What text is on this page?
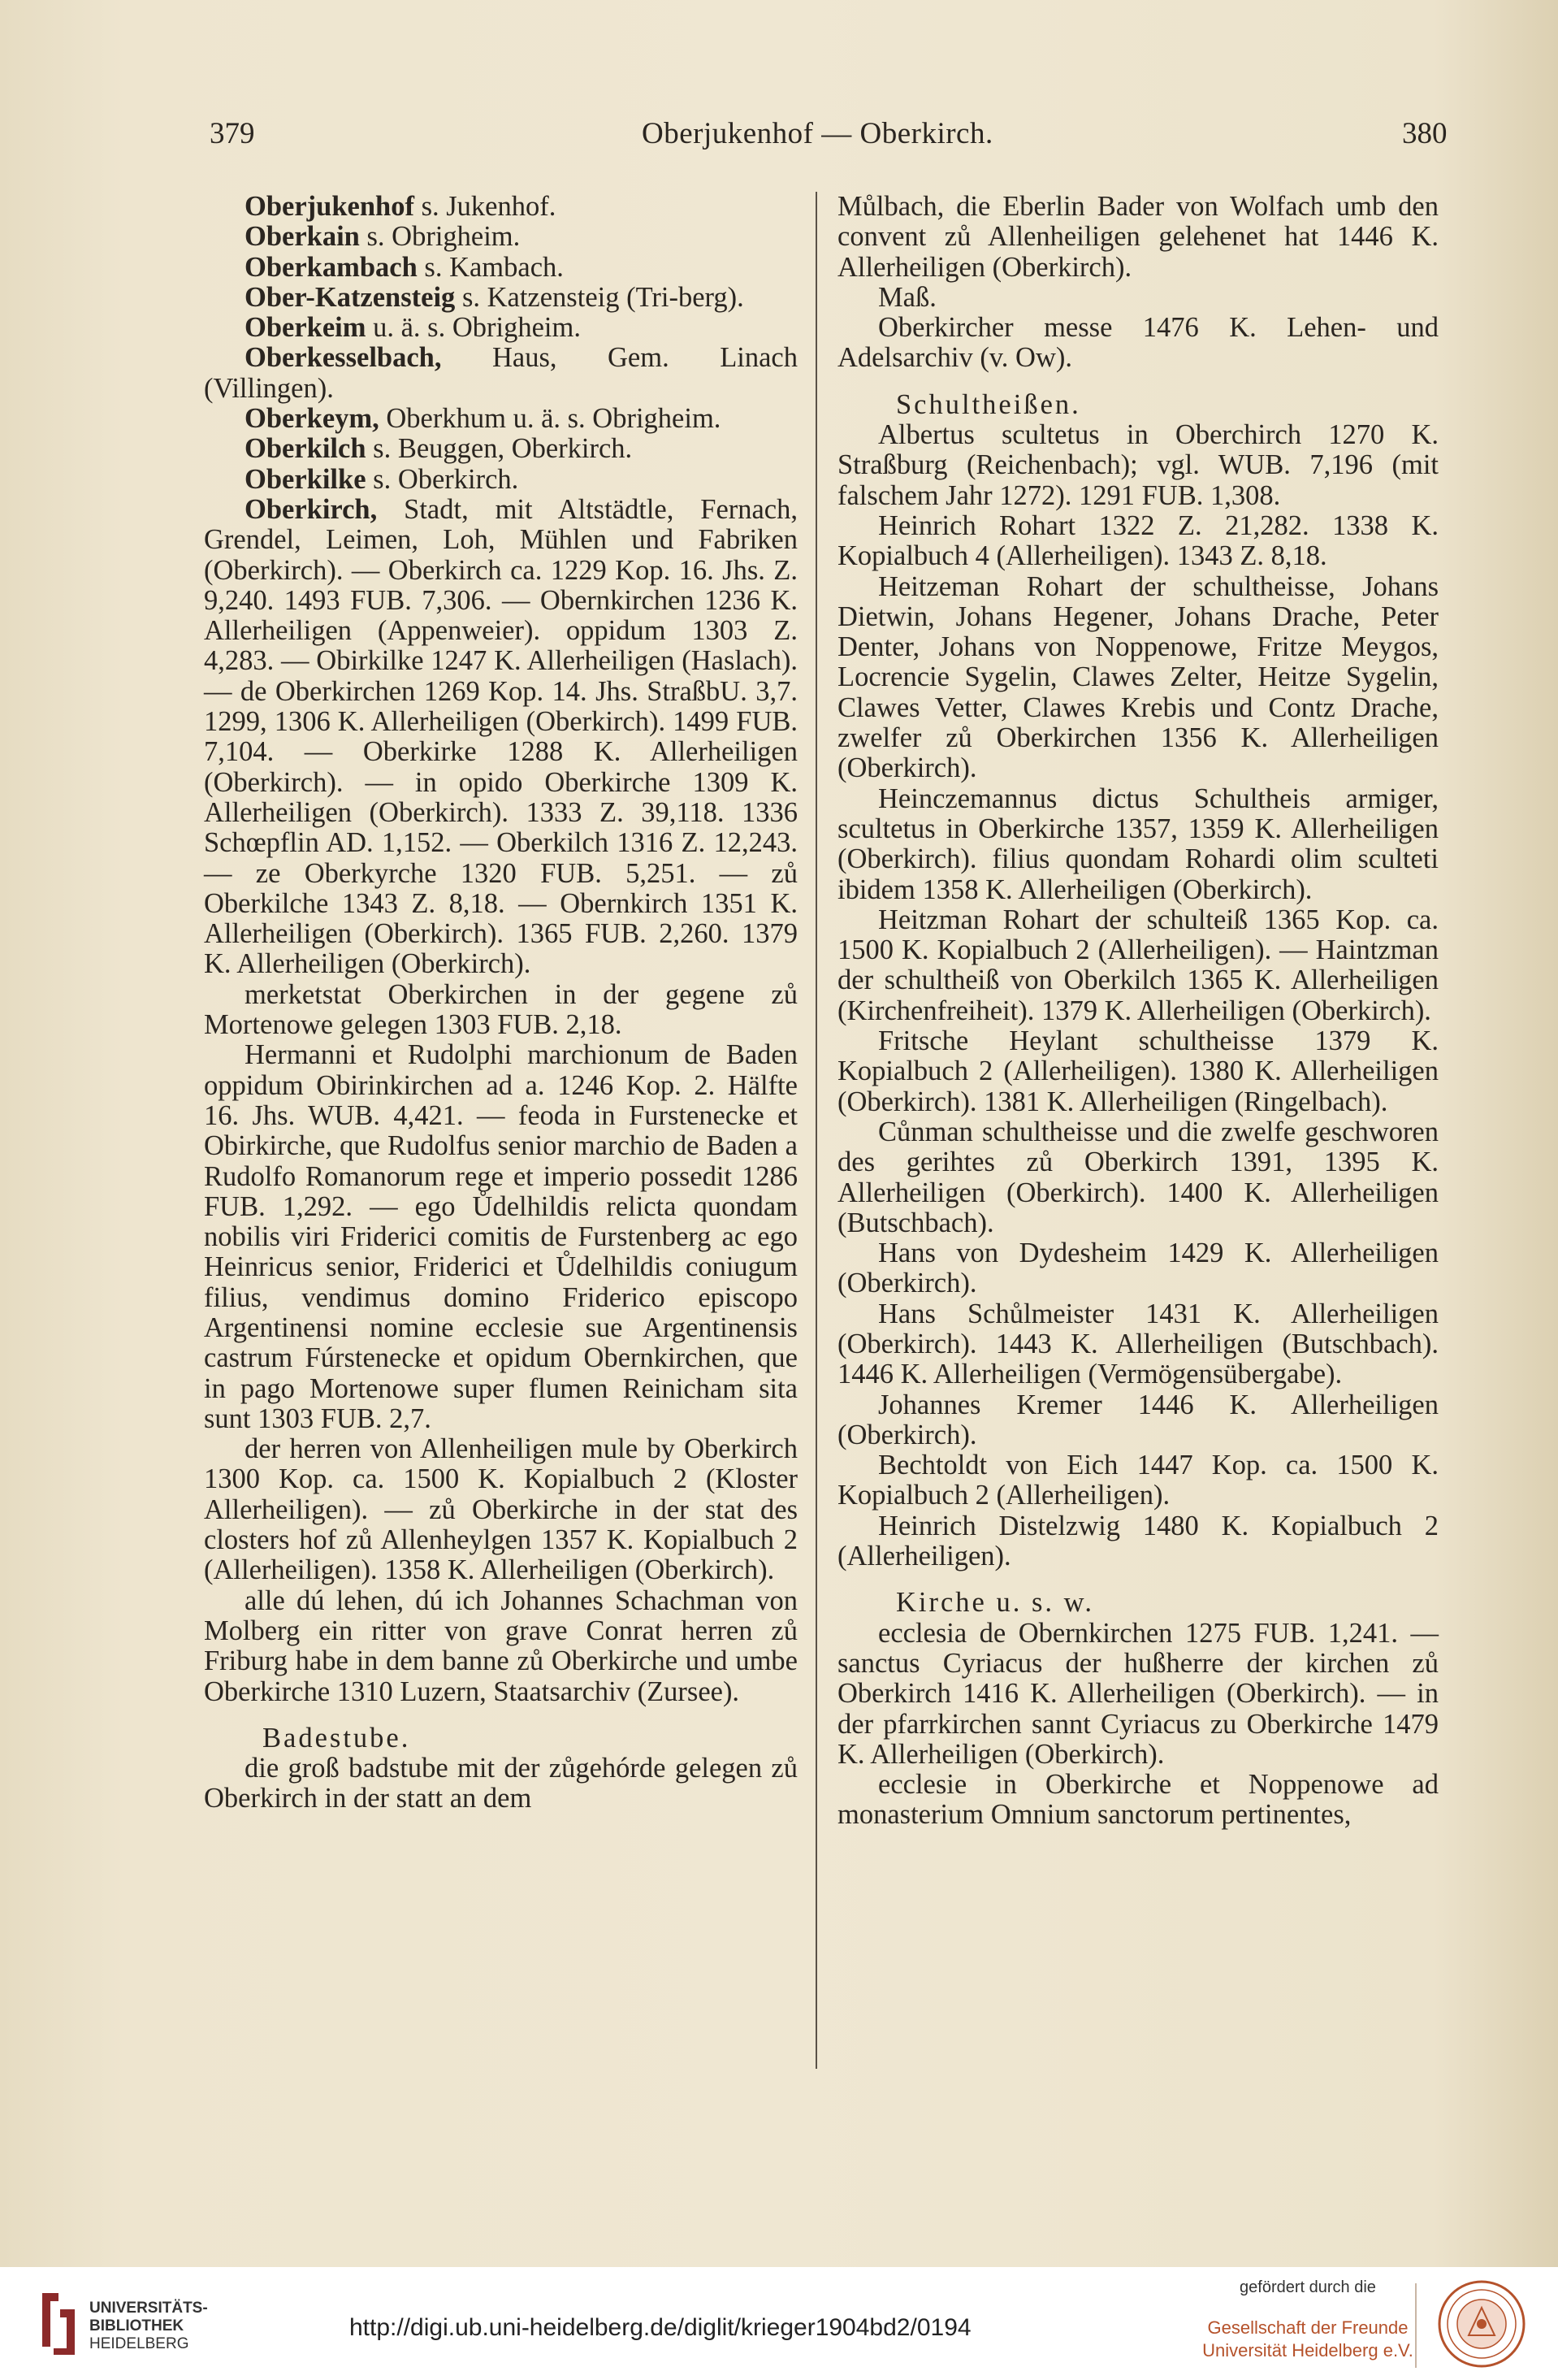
379	Oberjukenhof — Oberkirch.	380

Oberjukenhof s. Jukenhof.

Oberkain s. Obrigheim.

Oberkambach s. Kambach.

Ober-Katzensteig s. Katzensteig (Tri-berg).

Oberkeim u. ä. s. Obrigheim.

Oberkesselbach, Haus, Gem. Linach (Villingen).

Oberkeym, Oberkhum u. ä. s. Obrigheim.

Oberkilch s. Beuggen, Oberkirch.

Oberkilke s. Oberkirch.

Oberkirch, Stadt, mit Altstädtle, Fernach, Grendel, Leimen, Loh, Mühlen und Fabriken (Oberkirch). — Oberkirch ca. 1229 Kop. 16. Jhs. Z. 9,240. 1493 FUB. 7,306. — Obernkirchen 1236 K. Allerheiligen (Appenweier). oppidum 1303 Z. 4,283. — Obirkilke 1247 K. Allerheiligen (Haslach). — de Oberkirchen 1269 Kop. 14. Jhs. StraßbU. 3,7. 1299, 1306 K. Allerheiligen (Oberkirch). 1499 FUB. 7,104. — Oberkirke 1288 K. Allerheiligen (Oberkirch). — in opido Oberkirche 1309 K. Allerheiligen (Oberkirch). 1333 Z. 39,118. 1336 Schœpflin AD. 1,152. — Oberkilch 1316 Z. 12,243. — ze Oberkyrche 1320 FUB. 5,251. — zů Oberkilche 1343 Z. 8,18. — Obernkirch 1351 K. Allerheiligen (Oberkirch). 1365 FUB. 2,260. 1379 K. Allerheiligen (Oberkirch).

merketstat Oberkirchen in der gegene zů Mortenowe gelegen 1303 FUB. 2,18.

Hermanni et Rudolphi marchionum de Baden oppidum Obirinkirchen ad a. 1246 Kop. 2. Hälfte 16. Jhs. WUB. 4,421. — feoda in Furstenecke et Obirkirche, que Rudolfus senior marchio de Baden a Rudolfo Romanorum rege et imperio possedit 1286 FUB. 1,292. — ego Ůdelhildis relicta quondam nobilis viri Friderici comitis de Furstenberg ac ego Heinricus senior, Friderici et Ůdelhildis coniugum filius, vendimus domino Friderico episcopo Argentinensi nomine ecclesie sue Argentinensis castrum Fúrstenecke et opidum Obernkirchen, que in pago Mortenowe super flumen Reinicham sita sunt 1303 FUB. 2,7.

der herren von Allenheiligen mule by Oberkirch 1300 Kop. ca. 1500 K. Kopialbuch 2 (Kloster Allerheiligen). — zů Oberkirche in der stat des closters hof zů Allenheylgen 1357 K. Kopialbuch 2 (Allerheiligen). 1358 K. Allerheiligen (Oberkirch).

alle dú lehen, dú ich Johannes Schachman von Molberg ein ritter von grave Conrat herren zů Friburg habe in dem banne zů Oberkirche und umbe Oberkirche 1310 Luzern, Staatsarchiv (Zursee).

Badestube.

die groß badstube mit der zůgehórde gelegen zů Oberkirch in der statt an dem

Můlbach, die Eberlin Bader von Wolfach umb den convent zů Allenheiligen gelehenet hat 1446 K. Allerheiligen (Oberkirch).

Maß.

Oberkircher messe 1476 K. Lehen- und Adelsarchiv (v. Ow).

Schultheißen.

Albertus scultetus in Oberchirch 1270 K. Straßburg (Reichenbach); vgl. WUB. 7,196 (mit falschem Jahr 1272). 1291 FUB. 1,308.

Heinrich Rohart 1322 Z. 21,282. 1338 K. Kopialbuch 4 (Allerheiligen). 1343 Z. 8,18.

Heitzeman Rohart der schultheisse, Johans Dietwin, Johans Hegener, Johans Drache, Peter Denter, Johans von Noppenowe, Fritze Meygos, Locrencie Sygelin, Clawes Zelter, Heitze Sygelin, Clawes Vetter, Clawes Krebis und Contz Drache, zwelfer zů Oberkirchen 1356 K. Allerheiligen (Oberkirch).

Heinczemannus dictus Schultheis armiger, scultetus in Oberkirche 1357, 1359 K. Allerheiligen (Oberkirch). filius quondam Rohardi olim sculteti ibidem 1358 K. Allerheiligen (Oberkirch).

Heitzman Rohart der schulteiß 1365 Kop. ca. 1500 K. Kopialbuch 2 (Allerheiligen). — Haintzman der schultheiß von Oberkilch 1365 K. Allerheiligen (Kirchenfreiheit). 1379 K. Allerheiligen (Oberkirch).

Fritsche Heylant schultheisse 1379 K. Kopialbuch 2 (Allerheiligen). 1380 K. Allerheiligen (Oberkirch). 1381 K. Allerheiligen (Ringelbach).

Cůnman schultheisse und die zwelfe geschworen des gerihtes zů Oberkirch 1391, 1395 K. Allerheiligen (Oberkirch). 1400 K. Allerheiligen (Butschbach).

Hans von Dydesheim 1429 K. Allerheiligen (Oberkirch).

Hans Schůlmeister 1431 K. Allerheiligen (Oberkirch). 1443 K. Allerheiligen (Butschbach). 1446 K. Allerheiligen (Vermögensübergabe).

Johannes Kremer 1446 K. Allerheiligen (Oberkirch).

Bechtoldt von Eich 1447 Kop. ca. 1500 K. Kopialbuch 2 (Allerheiligen).

Heinrich Distelzwig 1480 K. Kopialbuch 2 (Allerheiligen).

Kirche u. s. w.

ecclesia de Obernkirchen 1275 FUB. 1,241. — sanctus Cyriacus der hußherre der kirchen zů Oberkirch 1416 K. Allerheiligen (Oberkirch). — in der pfarrkirchen sannt Cyriacus zu Oberkirche 1479 K. Allerheiligen (Oberkirch).

ecclesie in Oberkirche et Noppenowe ad monasterium Omnium sanctorum pertinentes,

UNIVERSITÄTS-
BIBLIOTHEK
HEIDELBERG
http://digi.ub.uni-heidelberg.de/diglit/krieger1904bd2/0194
gefördert durch die
Gesellschaft der Freunde
Universität Heidelberg e.V.
